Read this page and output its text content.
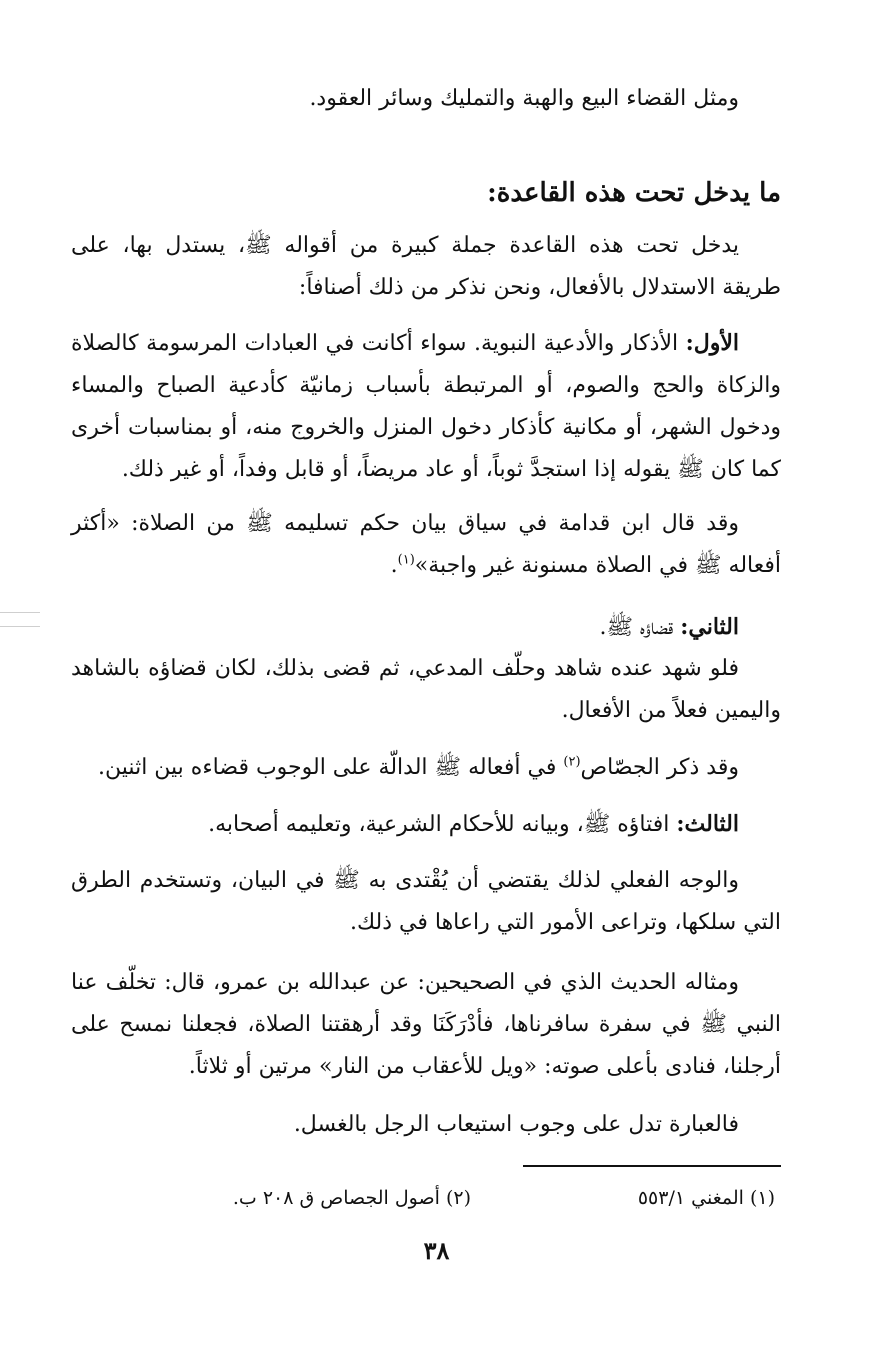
ومثل القضاء البيع والهبة والتمليك وسائر العقود.
ما يدخل تحت هذه القاعدة:
يدخل تحت هذه القاعدة جملة كبيرة من أقواله ﷺ، يستدل بها، على طريقة الاستدلال بالأفعال، ونحن نذكر من ذلك أصنافاً:
الأول: الأذكار والأدعية النبوية. سواء أكانت في العبادات المرسومة كالصلاة والزكاة والحج والصوم، أو المرتبطة بأسباب زمانيّة كأدعية الصباح والمساء ودخول الشهر، أو مكانية كأذكار دخول المنزل والخروج منه، أو بمناسبات أخرى كما كان ﷺ يقوله إذا استجدَّ ثوباً، أو عاد مريضاً، أو قابل وفداً، أو غير ذلك.
وقد قال ابن قدامة في سياق بيان حكم تسليمه ﷺ من الصلاة: «أكثر أفعاله ﷺ في الصلاة مسنونة غير واجبة»$^{(١)}$.
الثاني: قضاؤه ﷺ.
فلو شهد عنده شاهد وحلّف المدعي، ثم قضى بذلك، لكان قضاؤه بالشاهد واليمين فعلاً من الأفعال.
وقد ذكر الجصّاص$^{(٢)}$ في أفعاله ﷺ الدالّة على الوجوب قضاءه بين اثنين.
الثالث: افتاؤه ﷺ، وبيانه للأحكام الشرعية، وتعليمه أصحابه.
والوجه الفعلي لذلك يقتضي أن يُقْتدى به ﷺ في البيان، وتستخدم الطرق التي سلكها، وتراعى الأمور التي راعاها في ذلك.
ومثاله الحديث الذي في الصحيحين: عن عبدالله بن عمرو، قال: تخلّف عنا النبي ﷺ في سفرة سافرناها، فأدْرَكَنَا وقد أرهقتنا الصلاة، فجعلنا نمسح على أرجلنا، فنادى بأعلى صوته: «ويل للأعقاب من النار» مرتين أو ثلاثاً.
فالعبارة تدل على وجوب استيعاب الرجل بالغسل.
(١) المغني ٥٥٣/١
(٢) أصول الجصاص ق ٢٠٨ ب.
٣٨
